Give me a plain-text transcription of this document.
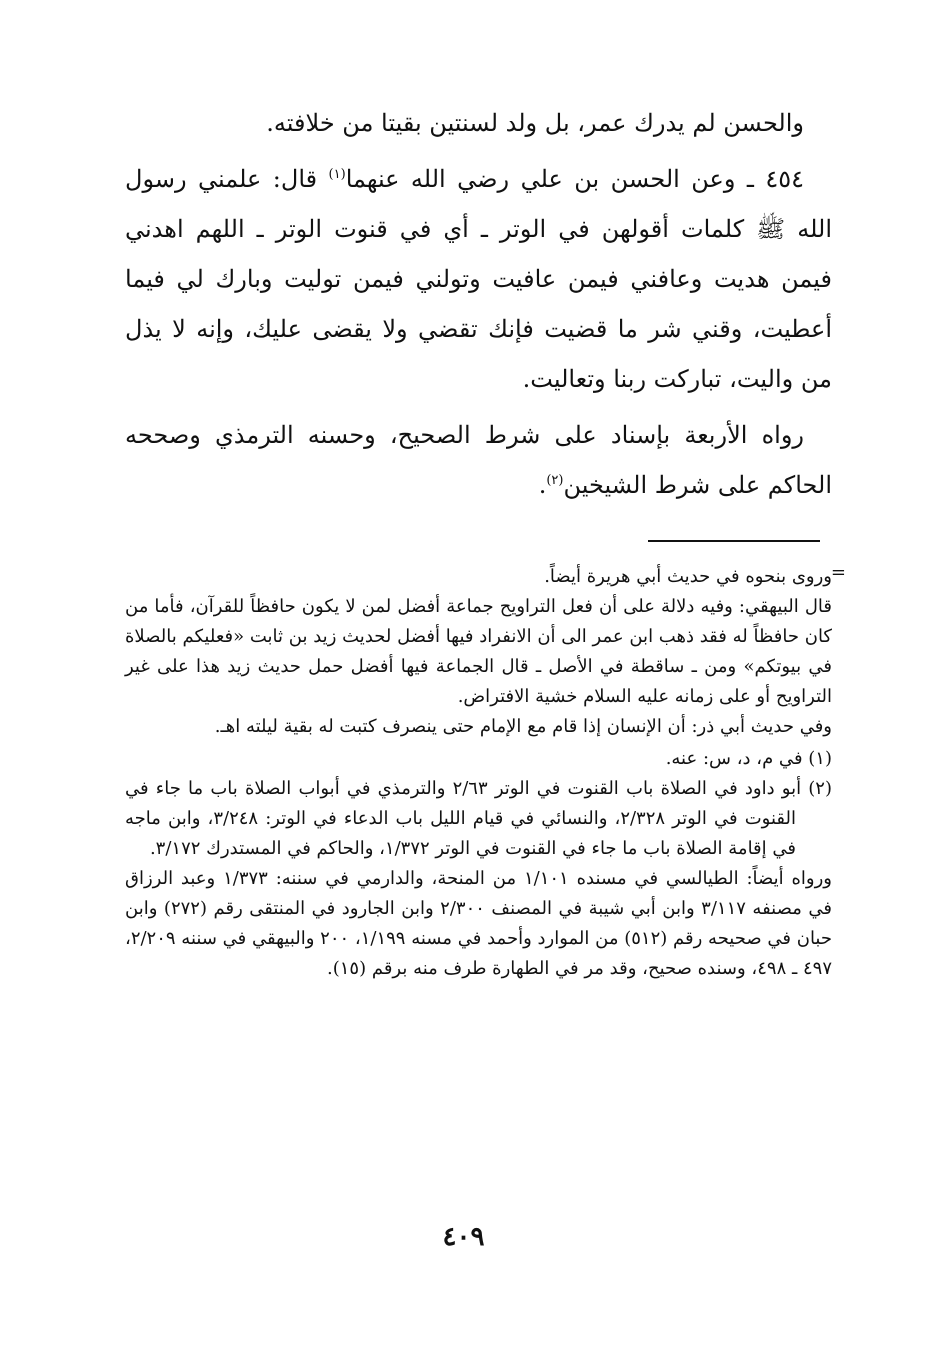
والحسن لم يدرك عمر، بل ولد لسنتين بقيتا من خلافته.

٤٥٤ ـ وعن الحسن بن علي رضي الله عنهما$^{(١)}$ قال: علمني رسول الله ﷺ كلمات أقولهن في الوتر ـ أي في قنوت الوتر ـ اللهم اهدني فيمن هديت وعافني فيمن عافيت وتولني فيمن توليت وبارك لي فيما أعطيت، وقني شر ما قضيت فإنك تقضي ولا يقضى عليك، وإنه لا يذل من واليت، تباركت ربنا وتعاليت.

رواه الأربعة بإسناد على شرط الصحيح، وحسنه الترمذي وصححه الحاكم على شرط الشيخين$^{(٢)}$.

=

وروى بنحوه في حديث أبي هريرة أيضاً.

قال البيهقي: وفيه دلالة على أن فعل التراويح جماعة أفضل لمن لا يكون حافظاً للقرآن، فأما من كان حافظاً له فقد ذهب ابن عمر الى أن الانفراد فيها أفضل لحديث زيد بن ثابت «فعليكم بالصلاة في بيوتكم» ومن ـ ساقطة في الأصل ـ قال الجماعة فيها أفضل حمل حديث زيد هذا على غير التراويح أو على زمانه عليه السلام خشية الافتراض.

وفي حديث أبي ذر: أن الإنسان إذا قام مع الإمام حتى ينصرف كتبت له بقية ليلته اهـ.

(١) في م، د، س: عنه.

(٢) أبو داود في الصلاة باب القنوت في الوتر ٢/٦٣ والترمذي في أبواب الصلاة باب ما جاء في القنوت في الوتر ٢/٣٢٨، والنسائي في قيام الليل باب الدعاء في الوتر: ٣/٢٤٨، وابن ماجه في إقامة الصلاة باب ما جاء في القنوت في الوتر ١/٣٧٢، والحاكم في المستدرك ٣/١٧٢.

ورواه أيضاً: الطيالسي في مسنده ١/١٠١ من المنحة، والدارمي في سننه: ١/٣٧٣ وعبد الرزاق في مصنفه ٣/١١٧ وابن أبي شيبة في المصنف ٢/٣٠٠ وابن الجارود في المنتقى رقم (٢٧٢) وابن حبان في صحيحه رقم (٥١٢) من الموارد وأحمد في مسنه ١/١٩٩، ٢٠٠ والبيهقي في سننه ٢/٢٠٩، ٤٩٧ ـ ٤٩٨، وسنده صحيح، وقد مر في الطهارة طرف منه برقم (١٥).

٤٠٩
